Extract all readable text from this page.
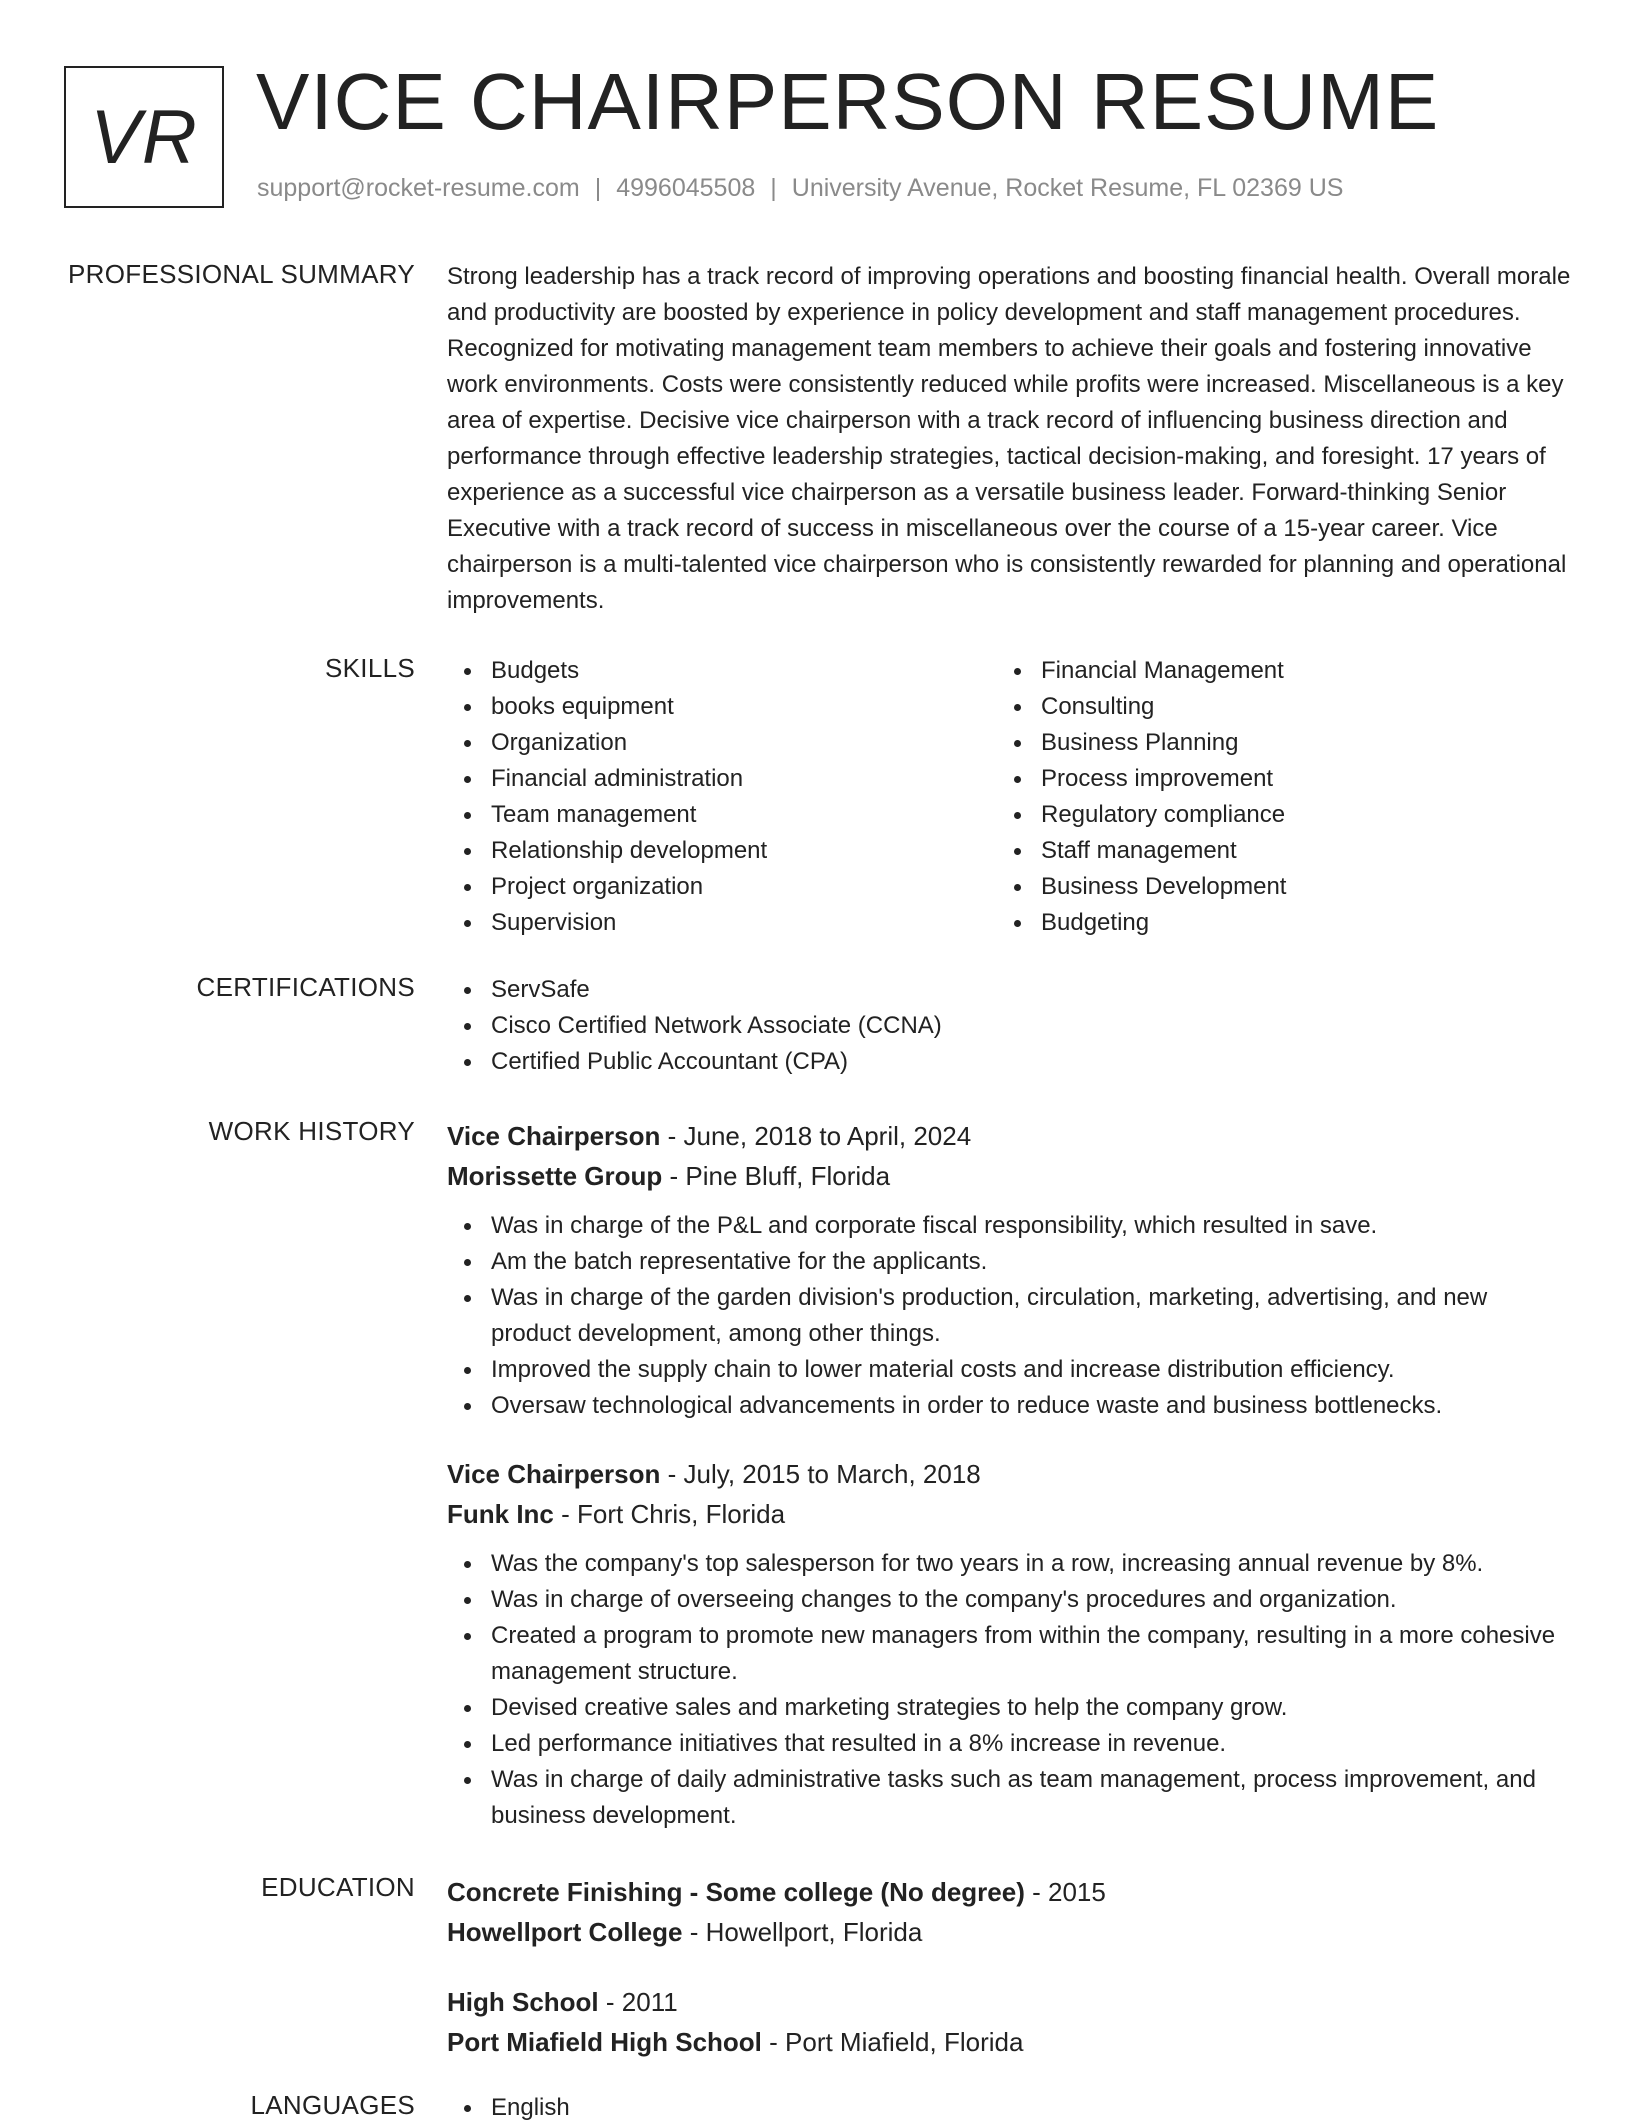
VR VICE CHAIRPERSON RESUME
support@rocket-resume.com | 4996045508 | University Avenue, Rocket Resume, FL 02369 US
PROFESSIONAL SUMMARY Strong leadership has a track record of improving operations and boosting financial health. Overall morale and productivity are boosted by experience in policy development and staff management procedures. Recognized for motivating management team members to achieve their goals and fostering innovative work environments. Costs were consistently reduced while profits were increased. Miscellaneous is a key area of expertise. Decisive vice chairperson with a track record of influencing business direction and performance through effective leadership strategies, tactical decision-making, and foresight. 17 years of experience as a successful vice chairperson as a versatile business leader. Forward-thinking Senior Executive with a track record of success in miscellaneous over the course of a 15-year career. Vice chairperson is a multi-talented vice chairperson who is consistently rewarded for planning and operational improvements.

SKILLS	Budgets
books equipment
Organization
Financial administration
Team management
Relationship development
Project organization
Supervision
Financial Management
Consulting
Business Planning
Process improvement
Regulatory compliance
Staff management
Business Development
Budgeting
CERTIFICATIONS	ServSafe
Cisco Certified Network Associate (CCNA)
Certified Public Accountant (CPA)
WORK HISTORY Vice Chairperson - June, 2018 to April, 2024
Morissette Group - Pine Bluff, Florida
Was in charge of the P&L and corporate fiscal responsibility, which resulted in save.
Am the batch representative for the applicants.
Was in charge of the garden division's production, circulation, marketing, advertising, and new product development, among other things.
Improved the supply chain to lower material costs and increase distribution efficiency.
Oversaw technological advancements in order to reduce waste and business bottlenecks.
Vice Chairperson - July, 2015 to March, 2018
Funk Inc - Fort Chris, Florida
Was the company's top salesperson for two years in a row, increasing annual revenue by 8%.
Was in charge of overseeing changes to the company's procedures and organization.
Created a program to promote new managers from within the company, resulting in a more cohesive management structure.
Devised creative sales and marketing strategies to help the company grow.
Led performance initiatives that resulted in a 8% increase in revenue.
Was in charge of daily administrative tasks such as team management, process improvement, and business development.
EDUCATION Concrete Finishing - Some college (No degree) - 2015
Howellport College - Howellport, Florida
High School - 2011
Port Miafield High School - Port Miafield, Florida
LANGUAGES	English
